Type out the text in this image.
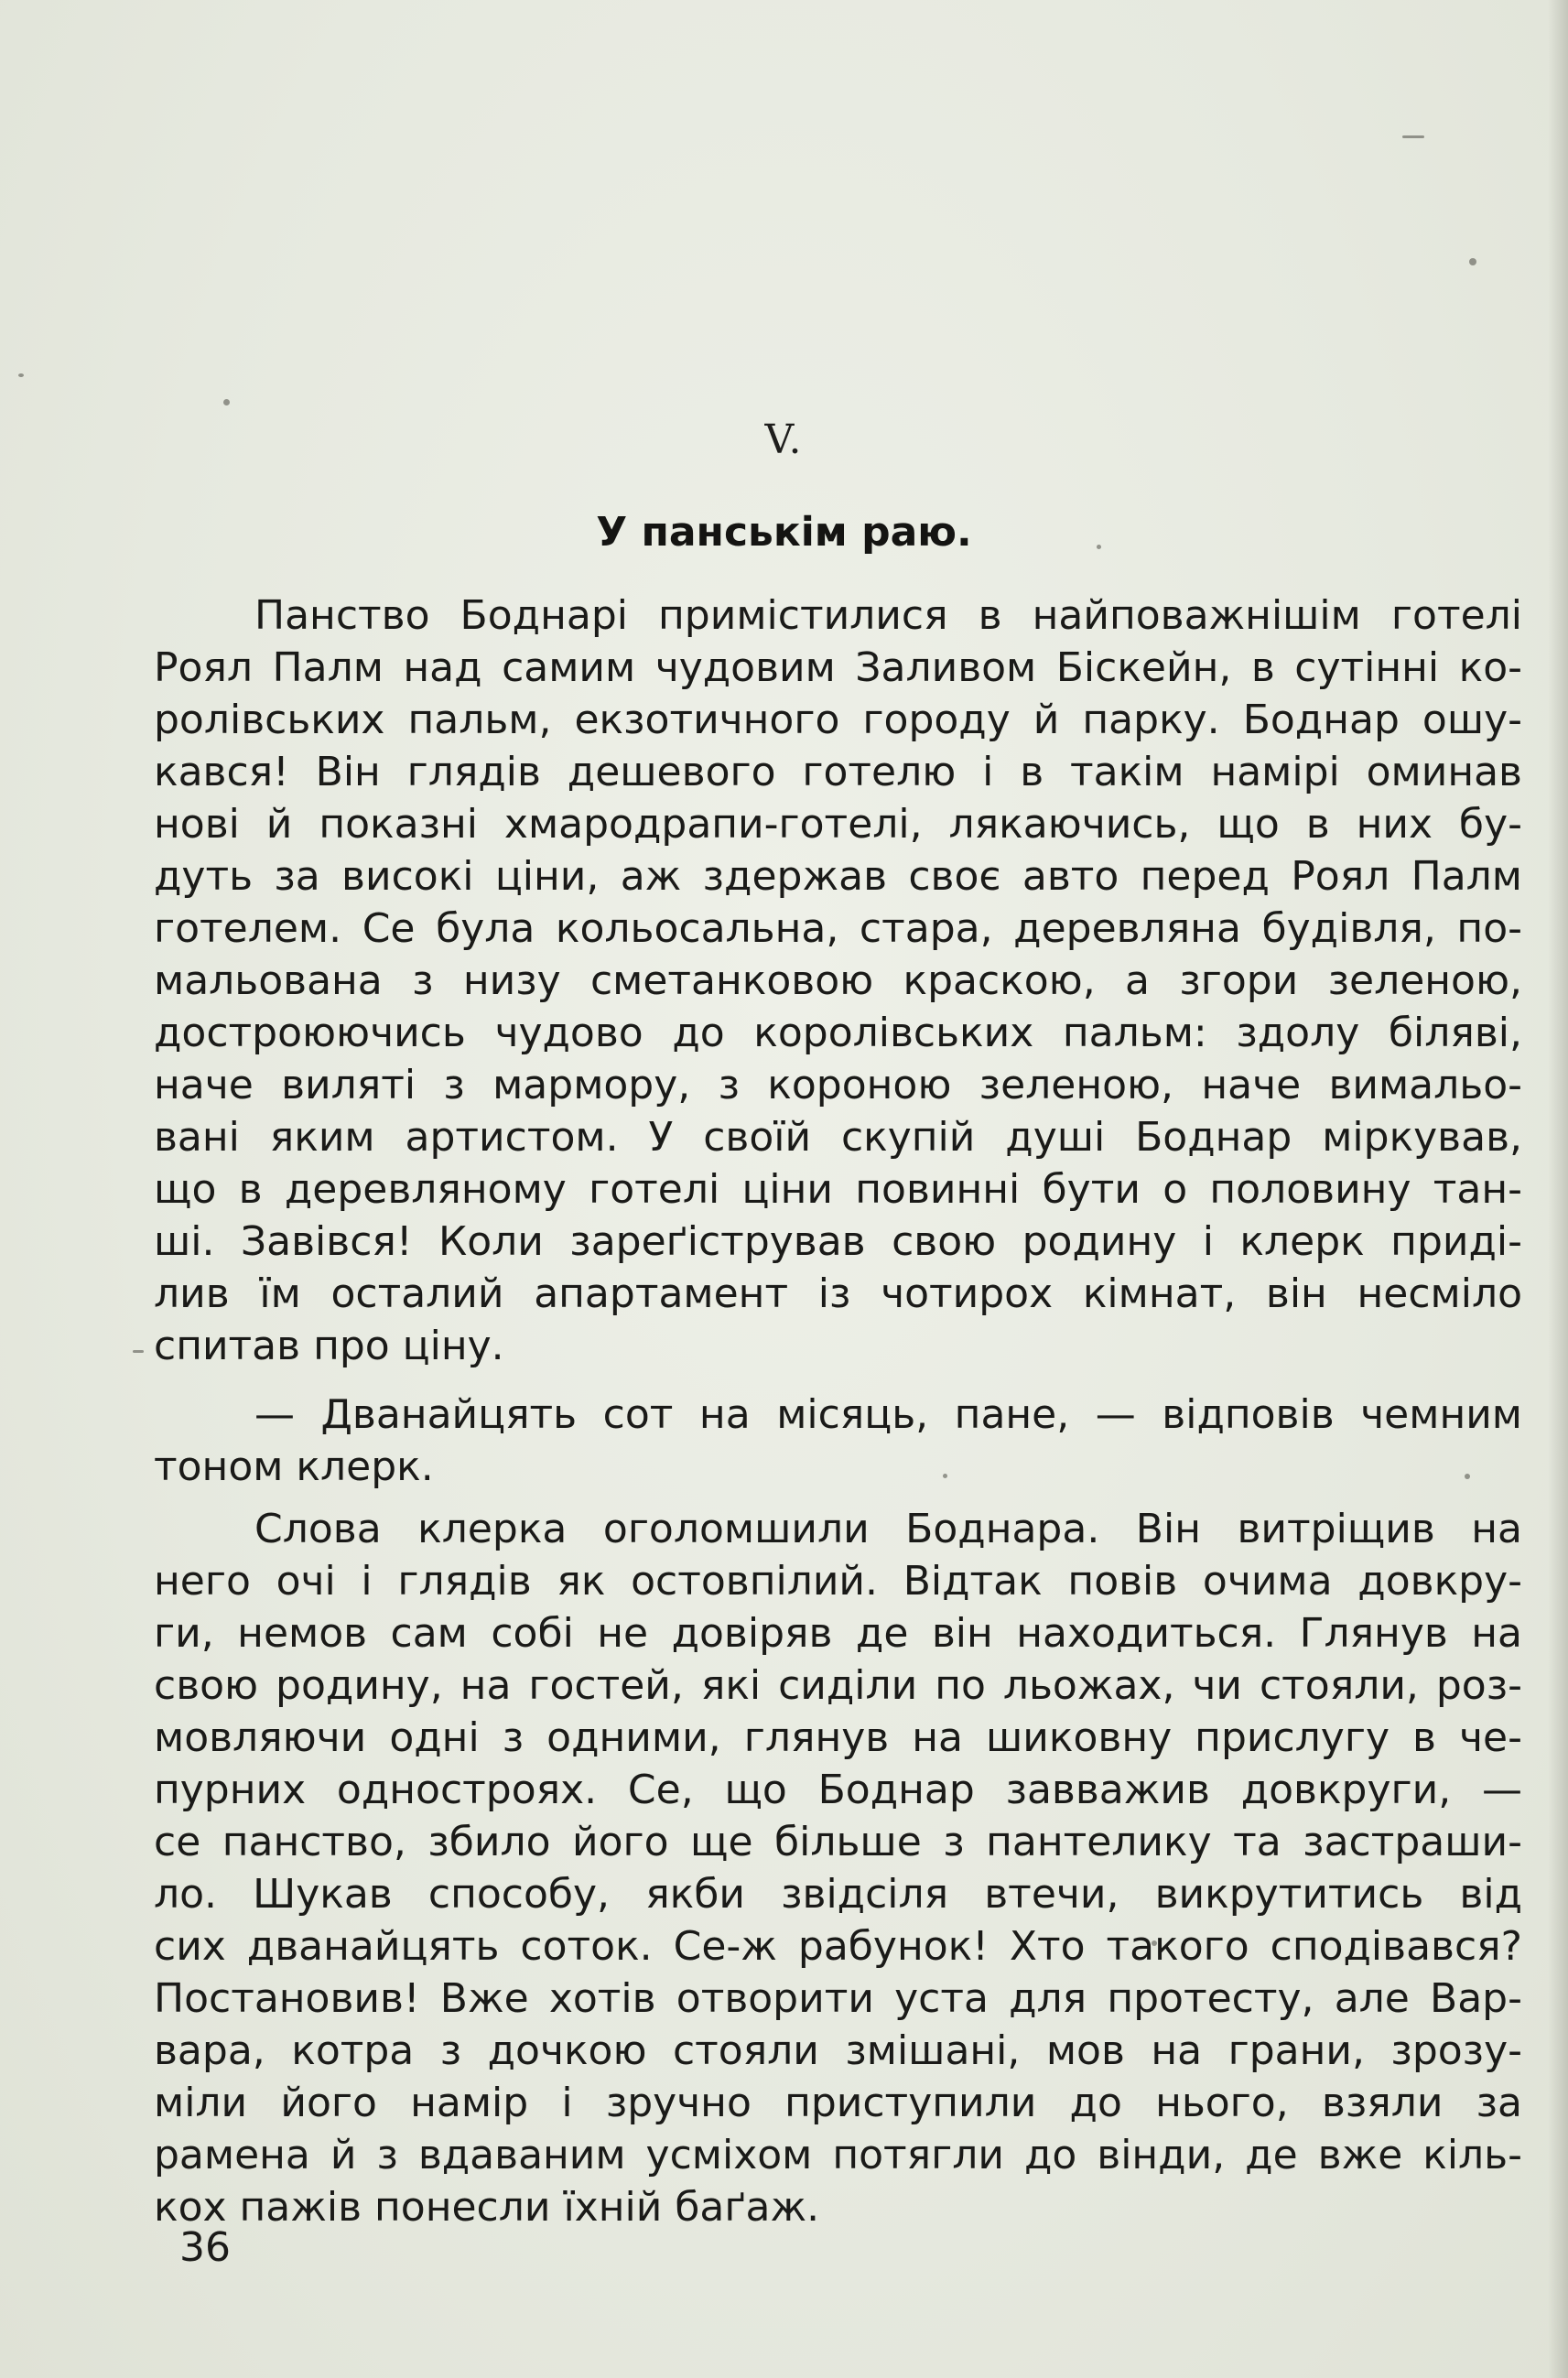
V.
У панськім раю.
Панство Боднарі примістилися в найповажнішім готелі
Роял Палм над самим чудовим Заливом Біскейн, в сутінні ко-
ролівських пальм, екзотичного городу й парку. Боднар ошу-
кався! Він глядів дешевого готелю і в такім намірі оминав
нові й показні хмародрапи-готелі, лякаючись, що в них бу-
дуть за високі ціни, аж здержав своє авто перед Роял Палм
готелем. Се була кольосальна, стара, деревляна будівля, по-
мальована з низу сметанковою краскою, а згори зеленою,
достроюючись чудово до королівських пальм: здолу біляві,
наче виляті з мармору, з короною зеленою, наче вимальо-
вані яким артистом. У своїй скупій душі Боднар міркував,
що в деревляному готелі ціни повинні бути о половину тан-
ші. Завівся! Коли зареґістрував свою родину і клерк приді-
лив їм осталий апартамент із чотирох кімнат, він несміло
спитав про ціну.
— Дванайцять сот на місяць, пане, — відповів чемним
тоном клерк.
Слова клерка оголомшили Боднара. Він витріщив на
него очі і глядів як остовпілий. Відтак повів очима довкру-
ги, немов сам собі не довіряв де він находиться. Глянув на
свою родину, на гостей, які сиділи по льожах, чи стояли, роз-
мовляючи одні з одними, глянув на шиковну прислугу в че-
пурних одностроях. Се, що Боднар завважив довкруги, —
се панство, збило його ще більше з пантелику та застраши-
ло. Шукав способу, якби звідсіля втечи, викрутитись від
сих дванайцять соток. Се-ж рабунок! Хто такого сподівався?
Постановив! Вже хотів отворити уста для протесту, але Вар-
вара, котра з дочкою стояли змішані, мов на грани, зрозу-
міли його намір і зручно приступили до нього, взяли за
рамена й з вдаваним усміхом потягли до вінди, де вже кіль-
кох пажів понесли їхній баґаж.
36
